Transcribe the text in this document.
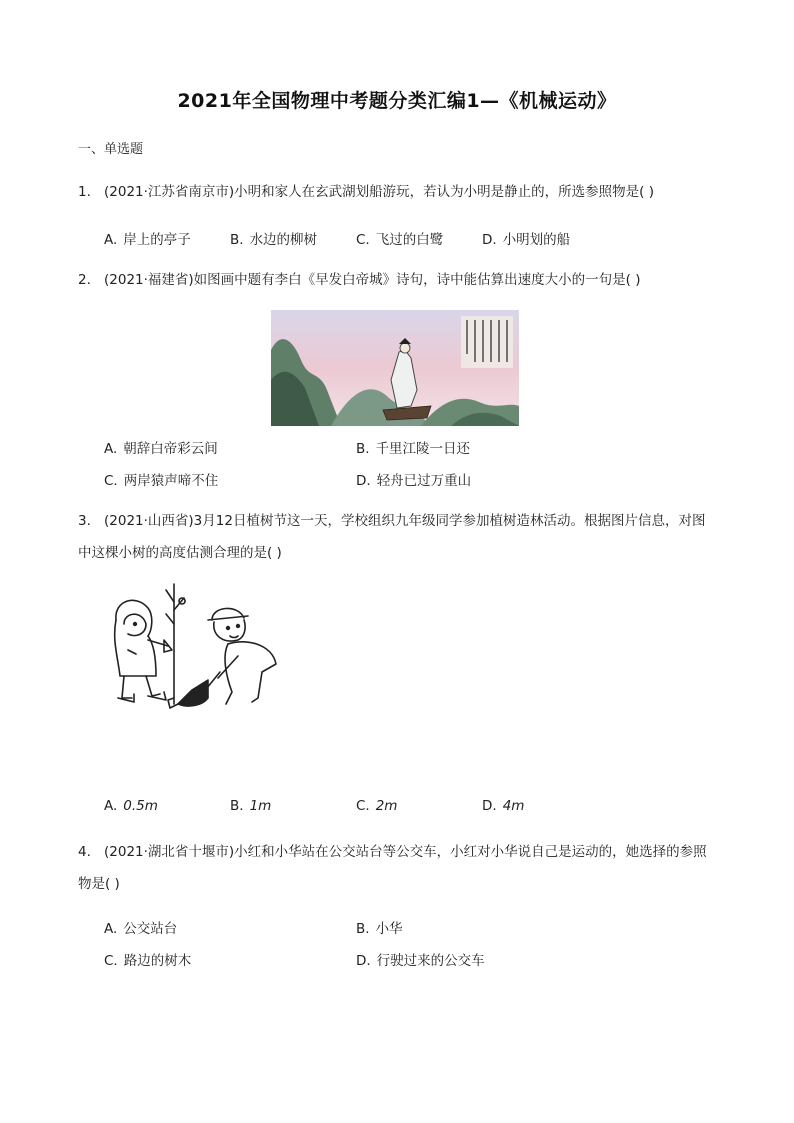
2021年全国物理中考题分类汇编1—《机械运动》
一、单选题
1. (2021·江苏省南京市)小明和家人在玄武湖划船游玩，若认为小明是静止的，所选参照物是( )
A. 岸上的亭子	B. 水边的柳树	C. 飞过的白鹭	D. 小明划的船
2. (2021·福建省)如图画中题有李白《早发白帝城》诗句，诗中能估算出速度大小的一句是( )
A. 朝辞白帝彩云间	B. 千里江陵一日还
C. 两岸猿声啼不住	D. 轻舟已过万重山
3. (2021·山西省)3月12日植树节这一天，学校组织九年级同学参加植树造林活动。根据图片信息，对图
中这棵小树的高度估测合理的是( )
A. 0.5m	B. 1m	C. 2m	D. 4m
4. (2021·湖北省十堰市)小红和小华站在公交站台等公交车，小红对小华说自己是运动的，她选择的参照
物是( )
A. 公交站台	B. 小华
C. 路边的树木	D. 行驶过来的公交车
